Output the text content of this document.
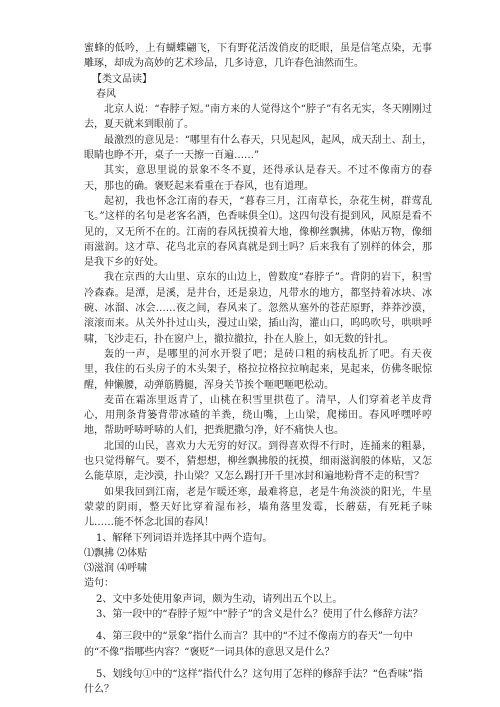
蜜蜂的低吟，上有蝴蝶翩飞，下有野花活泼俏皮的眨眼，虽是信笔点染，无事雕琢，却成为高妙的艺术珍品，几多诗意，几许春色油然而生。

【类文品读】

春风

北京人说：“春脖子短。”南方来的人觉得这个“脖子”有名无实，冬天刚刚过去，夏天就来到眼前了。

最激烈的意见是：“哪里有什么春天，只见起风，起风，成天刮土、刮土，眼睛也睁不开，桌子一天擦一百遍……”

其实，意思里说的景象不冬不夏，还得承认是春天。不过不像南方的春天，那也的确。褒贬起来看重在于春风，也有道理。

起初，我也怀念江南的春天，“暮春三月，江南草长，杂花生树，群莺乱飞。”这样的名句是老客名酒，色香味俱全⑴。这四句没有提到风，风原是看不见的，又无所不在的。江南的春风抚摸着大地，像柳丝飘拂，体贴万物，像细雨滋润。这才草、花鸟北京的春风真就是到土吗？后来我有了别样的体会，那是我下乡的好处。

我在京西的大山里、京东的山边上，曾数度“春脖子”。背阴的岩下，积雪冷森森。是潭，是溪，是井台，还是泉边，凡带水的地方，都坚持着冰块、冰碗、冰溜、冰会……夜之间，春风来了。忽然从塞外的苍茫原野，莽莽沙漠，滚滚而来。从关外扑过山头，漫过山梁，插山沟，灌山口，呜呜吹号，哄哄呼啸，飞沙走石，扑在窗户上，撤拉撤拉，扑在人脸上，如无数的针扎。

轰的一声，是哪里的河水开裂了吧；是砖口粗的病枝乱折了吧。有天夜里，我住的石头房子的木头架子，格拉拉格拉拉响起来，晃起来，仿佛冬眠惊醒，伸懒腰，动弹筋腾腿，浑身关节挨个咂吧咂吧松动。

麦苗在霜冻里返青了，山桃在积雪里拱苞了。清早，人们穿着老羊皮背心，用荆条背篓背带冰碴的羊粪，绕山嘴，上山梁，爬梯田。春风呼嘿呼哼地，帮助呼哧呼哧的人们，把粪肥撒匀净，好不痛快人也。

北国的山民，喜欢力大无穷的好汉。到得喜欢得不行时，连捅来的粗暴，也只觉得解气。要不，猜想想，柳丝飘拂般的抚摸，细雨滋润般的体贴，又怎么能草原，走沙漠，扑山梁？又怎么踢打开千里冰封和遍地粉背不走的积雪？

如果我回到江南，老是乍暖还寒，最难将息，老是牛角淡淡的阳光，牛星蒙蒙的阴雨，整天好比穿着湿布衫，墙角落里发霉，长蘑菇，有死耗子味儿……能不怀念北国的春风！

1、解释下列词语并选择其中两个造句。

⑴飘拂 ⑵体贴

⑶滋润 ⑷呼啸

造句：

2、文中多处使用象声词，颇为生动，请列出五个以上。

3、第一段中的“春脖子短”中“脖子”的含义是什么？使用了什么修辞方法？

4、第三段中的“景象”指什么而言？其中的“不过不像南方的春天”一句中的“不像”指哪些内容？“褒贬”一词具体的意思又是什么？

5、划线句①中的“这样”指代什么？这句用了怎样的修辞手法？“色香味”指什么？
